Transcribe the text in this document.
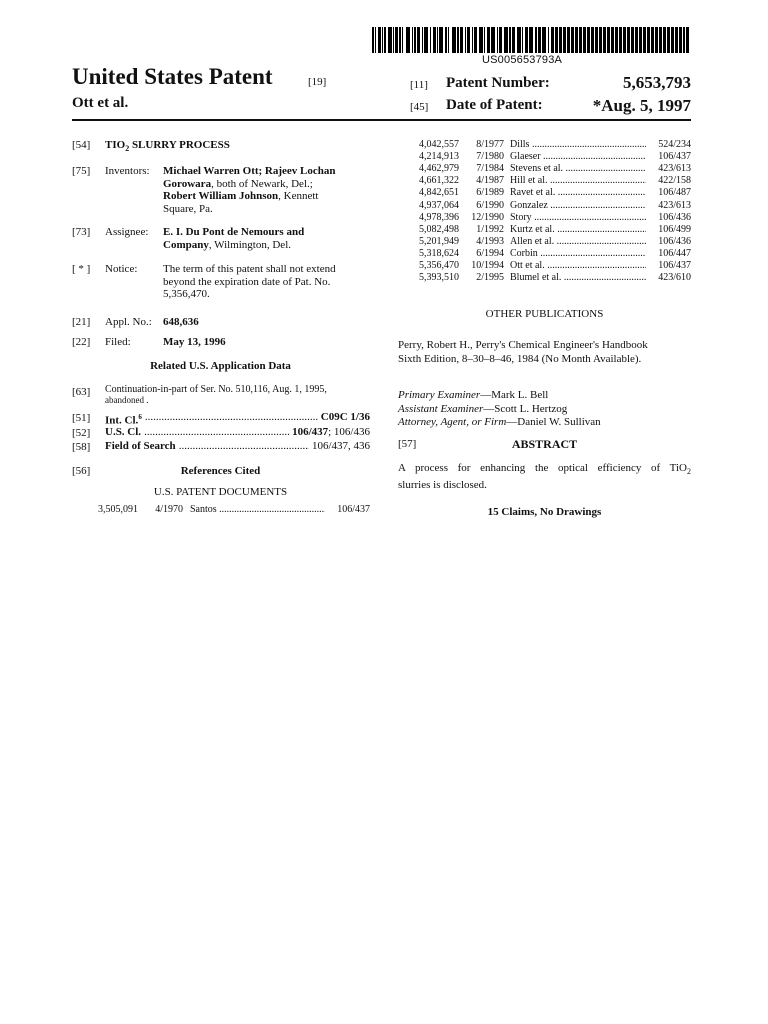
US005653793A
United States Patent	[19]
Ott et al.
[11] Patent Number:	5,653,793
[45] Date of Patent:	*Aug. 5, 1997
[54] $TIO_2$ SLURRY PROCESS
[75] Inventors: Michael Warren Ott; Rajeev Lochan
Gorowara, both of Newark, Del.;
Robert William Johnson, Kennett
Square, Pa.
[73] Assignee: E. I. Du Pont de Nemours and
Company, Wilmington, Del.
[ * ] Notice: The term of this patent shall not extend
beyond the expiration date of Pat. No.
5,356,470.
[21] Appl. No.: 648,636
[22] Filed:	May 13, 1996
Related U.S. Application Data
[63] Continuation-in-part of Ser. No. 510,116, Aug. 1, 1995,
abandoned .
[51] Int. Cl.$^6$ .....	C09C 1/36
[52] U.S. Cl. .....	106/437; 106/436
[58] Field of Search .....	106/437, 436
[56]	References Cited
U.S. PATENT DOCUMENTS
3,505,091	4/1970 Santos .....	106/437
4,042,557	8/1977 Dills .....	524/234
4,214,913	7/1980 Glaeser .....	106/437
4,462,979	7/1984 Stevens et al. .....	423/613
4,661,322	4/1987 Hill et al. .....	422/158
4,842,651	6/1989 Ravet et al. .....	106/487
4,937,064	6/1990 Gonzalez .....	423/613
4,978,396	12/1990 Story .....	106/436
5,082,498	1/1992 Kurtz et al. .....	106/499
5,201,949	4/1993 Allen et al. .....	106/436
5,318,624	6/1994 Corbin .....	106/447
5,356,470	10/1994 Ott et al. .....	106/437
5,393,510	2/1995 Blumel et al. .....	423/610
OTHER PUBLICATIONS
Perry, Robert H., Perry's Chemical Engineer's Handbook
Sixth Edition, 8–30–8–46, 1984 (No Month Available).
Primary Examiner—Mark L. Bell
Assistant Examiner—Scott L. Hertzog
Attorney, Agent, or Firm—Daniel W. Sullivan
[57]	ABSTRACT
A process for enhancing the optical efficiency of TiO$_2$
slurries is disclosed.
15 Claims, No Drawings
